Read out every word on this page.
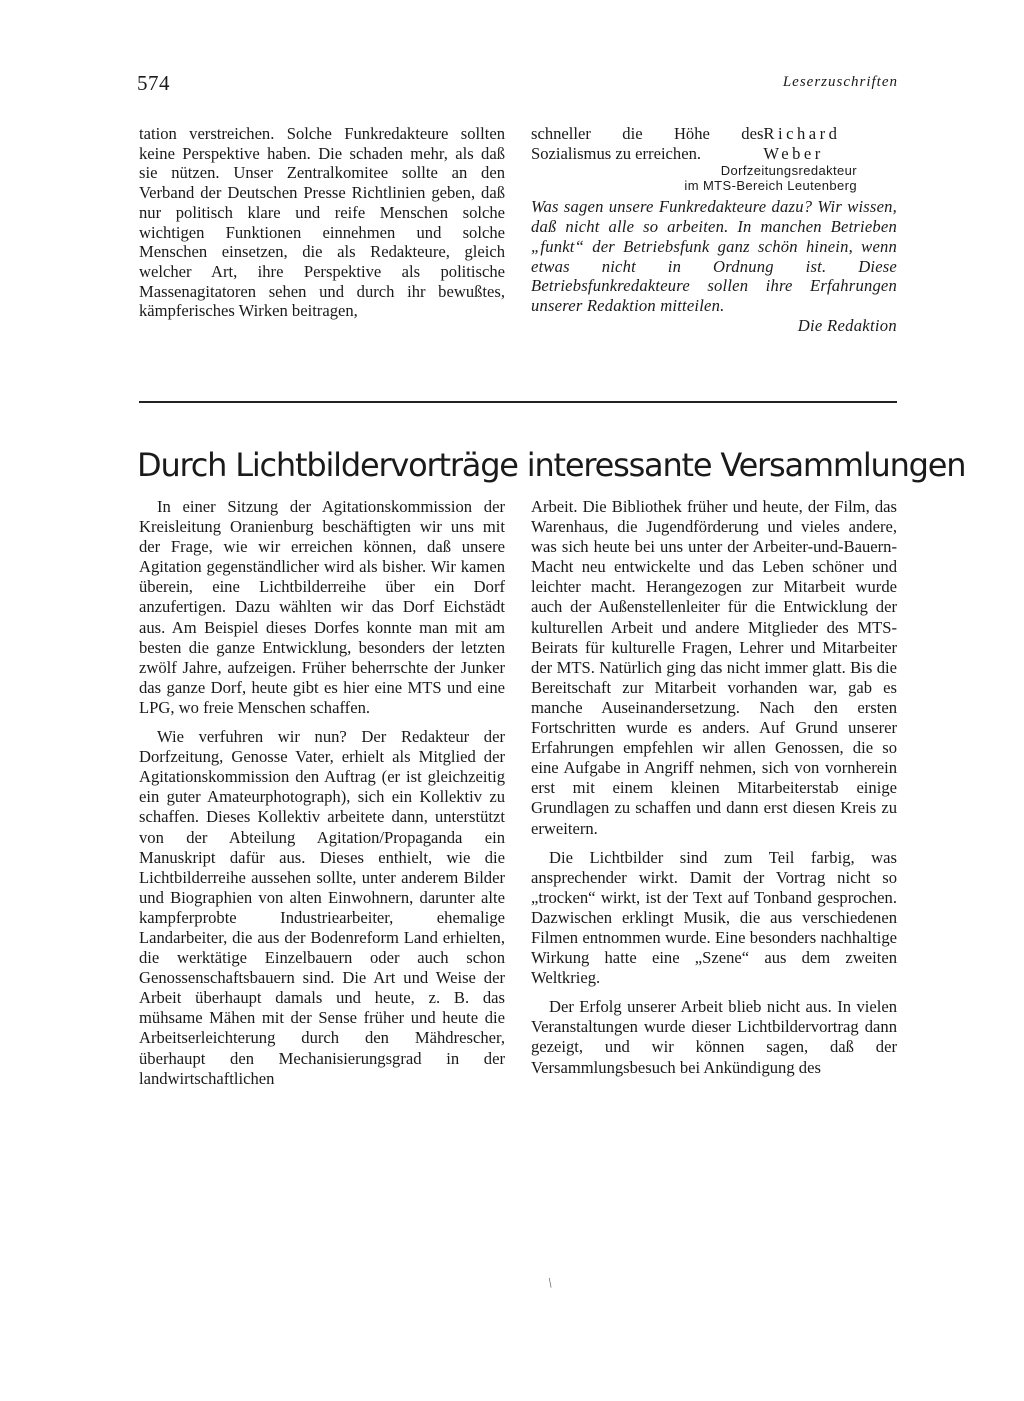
574	Leserzuschriften

tation verstreichen. Solche Funkredakteure sollten keine Perspektive haben. Die schaden mehr, als daß sie nützen. Unser Zentralkomitee sollte an den Verband der Deutschen Presse Richtlinien geben, daß nur politisch klare und reife Menschen solche wichtigen Funktionen einnehmen und solche Menschen einsetzen, die als Redakteure, gleich welcher Art, ihre Perspektive als politische Massenagitatoren sehen und durch ihr bewußtes, kämpferisches Wirken beitragen,

schneller die Höhe des Sozialismus zu erreichen.

Richard Weber
Dorfzeitungsredakteur
im MTS-Bereich Leutenberg

Was sagen unsere Funkredakteure dazu? Wir wissen, daß nicht alle so arbeiten. In manchen Betrieben „funkt“ der Betriebsfunk ganz schön hinein, wenn etwas nicht in Ordnung ist. Diese Betriebsfunkredakteure sollen ihre Erfahrungen unserer Redaktion mitteilen.

Die Redaktion

Durch Lichtbildervorträge interessante Versammlungen

In einer Sitzung der Agitationskommission der Kreisleitung Oranienburg beschäftigten wir uns mit der Frage, wie wir erreichen können, daß unsere Agitation gegenständlicher wird als bisher. Wir kamen überein, eine Lichtbilderreihe über ein Dorf anzufertigen. Dazu wählten wir das Dorf Eichstädt aus. Am Beispiel dieses Dorfes konnte man mit am besten die ganze Entwicklung, besonders der letzten zwölf Jahre, aufzeigen. Früher beherrschte der Junker das ganze Dorf, heute gibt es hier eine MTS und eine LPG, wo freie Menschen schaffen.

Wie verfuhren wir nun? Der Redakteur der Dorfzeitung, Genosse Vater, erhielt als Mitglied der Agitationskommission den Auftrag (er ist gleichzeitig ein guter Amateurphotograph), sich ein Kollektiv zu schaffen. Dieses Kollektiv arbeitete dann, unterstützt von der Abteilung Agitation/Propaganda ein Manuskript dafür aus. Dieses enthielt, wie die Lichtbilderreihe aussehen sollte, unter anderem Bilder und Biographien von alten Einwohnern, darunter alte kampferprobte Industriearbeiter, ehemalige Landarbeiter, die aus der Bodenreform Land erhielten, die werktätige Einzelbauern oder auch schon Genossenschaftsbauern sind. Die Art und Weise der Arbeit überhaupt damals und heute, z. B. das mühsame Mähen mit der Sense früher und heute die Arbeitserleichterung durch den Mähdrescher, überhaupt den Mechanisierungsgrad in der landwirtschaftlichen

Arbeit. Die Bibliothek früher und heute, der Film, das Warenhaus, die Jugendförderung und vieles andere, was sich heute bei uns unter der Arbeiter-und-Bauern-Macht neu entwickelte und das Leben schöner und leichter macht. Herangezogen zur Mitarbeit wurde auch der Außenstellenleiter für die Entwicklung der kulturellen Arbeit und andere Mitglieder des MTS-Beirats für kulturelle Fragen, Lehrer und Mitarbeiter der MTS. Natürlich ging das nicht immer glatt. Bis die Bereitschaft zur Mitarbeit vorhanden war, gab es manche Auseinandersetzung. Nach den ersten Fortschritten wurde es anders. Auf Grund unserer Erfahrungen empfehlen wir allen Genossen, die so eine Aufgabe in Angriff nehmen, sich von vornherein erst mit einem kleinen Mitarbeiterstab einige Grundlagen zu schaffen und dann erst diesen Kreis zu erweitern.

Die Lichtbilder sind zum Teil farbig, was ansprechender wirkt. Damit der Vortrag nicht so „trocken“ wirkt, ist der Text auf Tonband gesprochen. Dazwischen erklingt Musik, die aus verschiedenen Filmen entnommen wurde. Eine besonders nachhaltige Wirkung hatte eine „Szene“ aus dem zweiten Weltkrieg.

Der Erfolg unserer Arbeit blieb nicht aus. In vielen Veranstaltungen wurde dieser Lichtbildervortrag dann gezeigt, und wir können sagen, daß der Versammlungsbesuch bei Ankündigung des

/
